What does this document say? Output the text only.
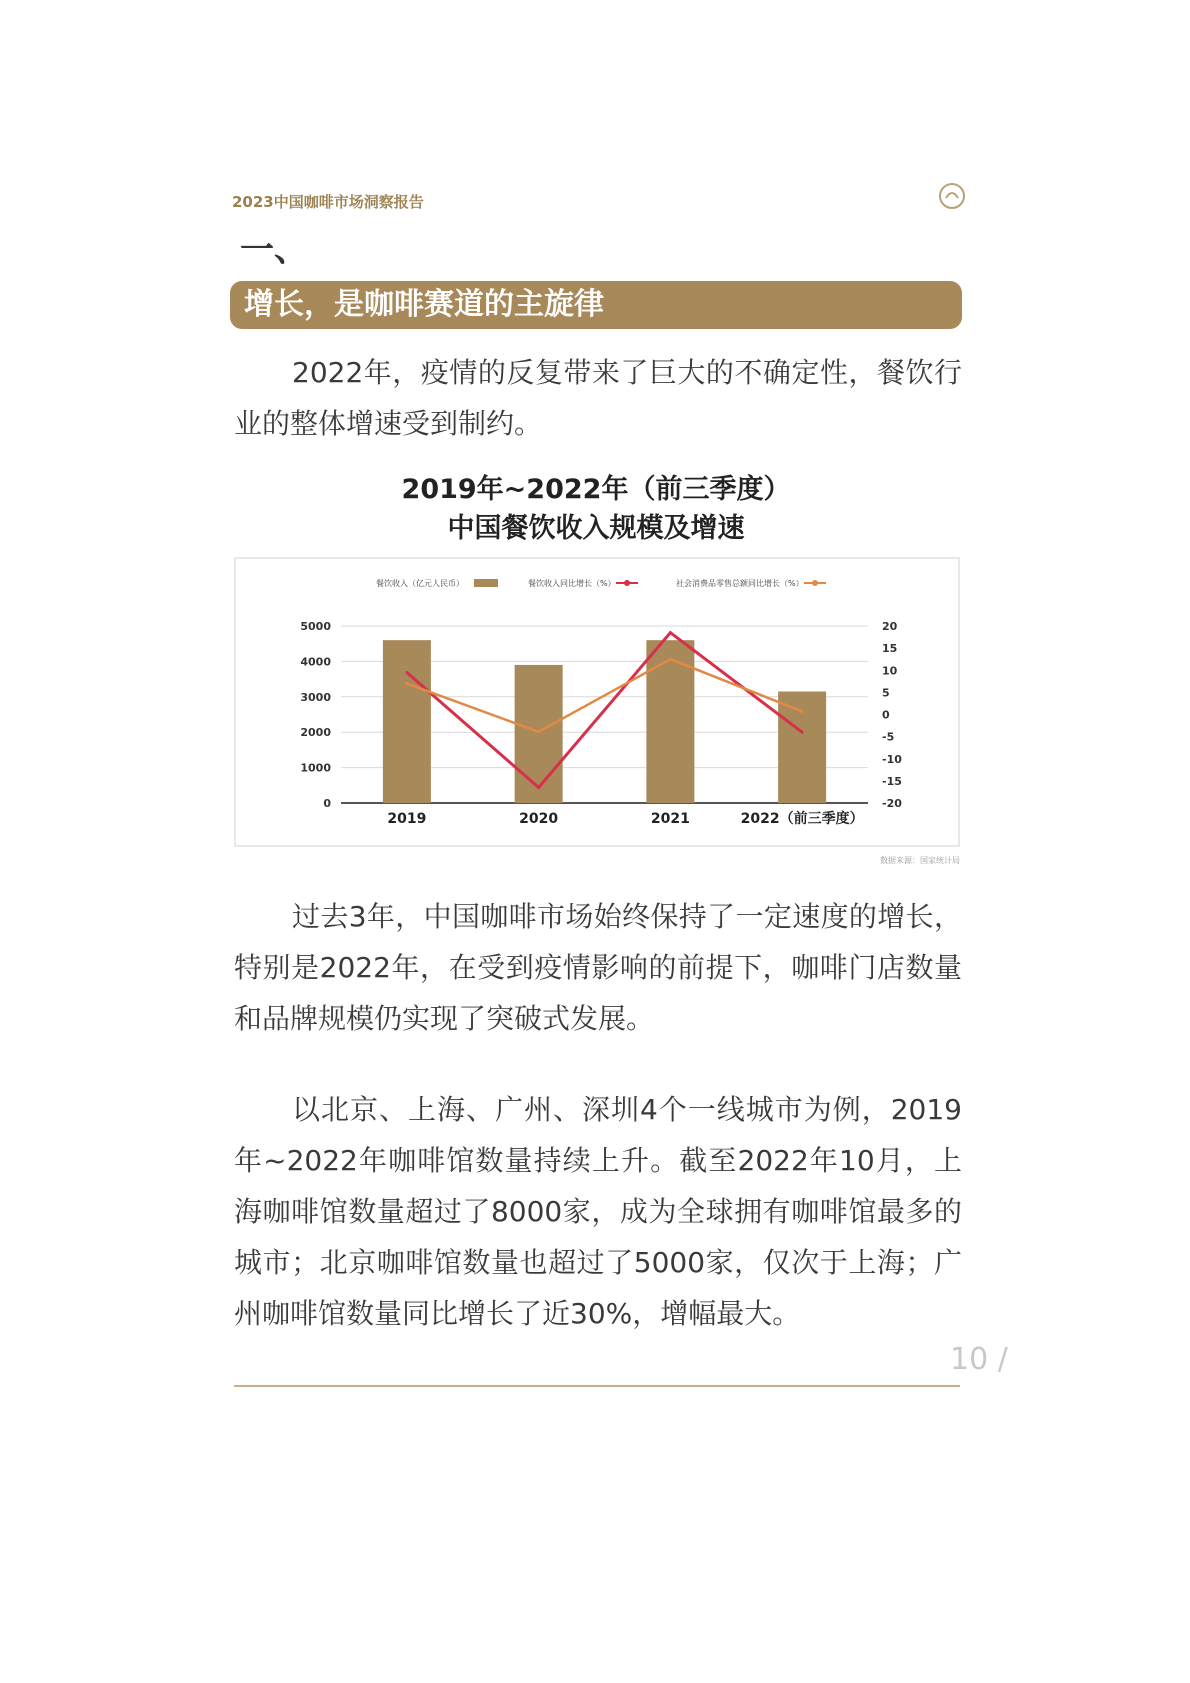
2023中国咖啡市场洞察报告
一、
增长，是咖啡赛道的主旋律
2022年，疫情的反复带来了巨大的不确定性，餐饮行业的整体增速受到制约。
2019年~2022年（前三季度）
中国餐饮收入规模及增速
0
1000
2000
3000
4000
5000
-20
-15
-10
-5
0
5
10
15
20
2019	2020	2021	2022（前三季度）
餐饮收入（亿元人民币）	餐饮收入同比增长（%）	社会消费品零售总额同比增长（%）
数据来源：国家统计局
过去3年，中国咖啡市场始终保持了一定速度的增长，特别是2022年，在受到疫情影响的前提下，咖啡门店数量和品牌规模仍实现了突破式发展。
以北京、上海、广州、深圳4个一线城市为例，2019年~2022年咖啡馆数量持续上升。截至2022年10月，上海咖啡馆数量超过了8000家，成为全球拥有咖啡馆最多的城市；北京咖啡馆数量也超过了5000家，仅次于上海；广州咖啡馆数量同比增长了近30%，增幅最大。
10 /
